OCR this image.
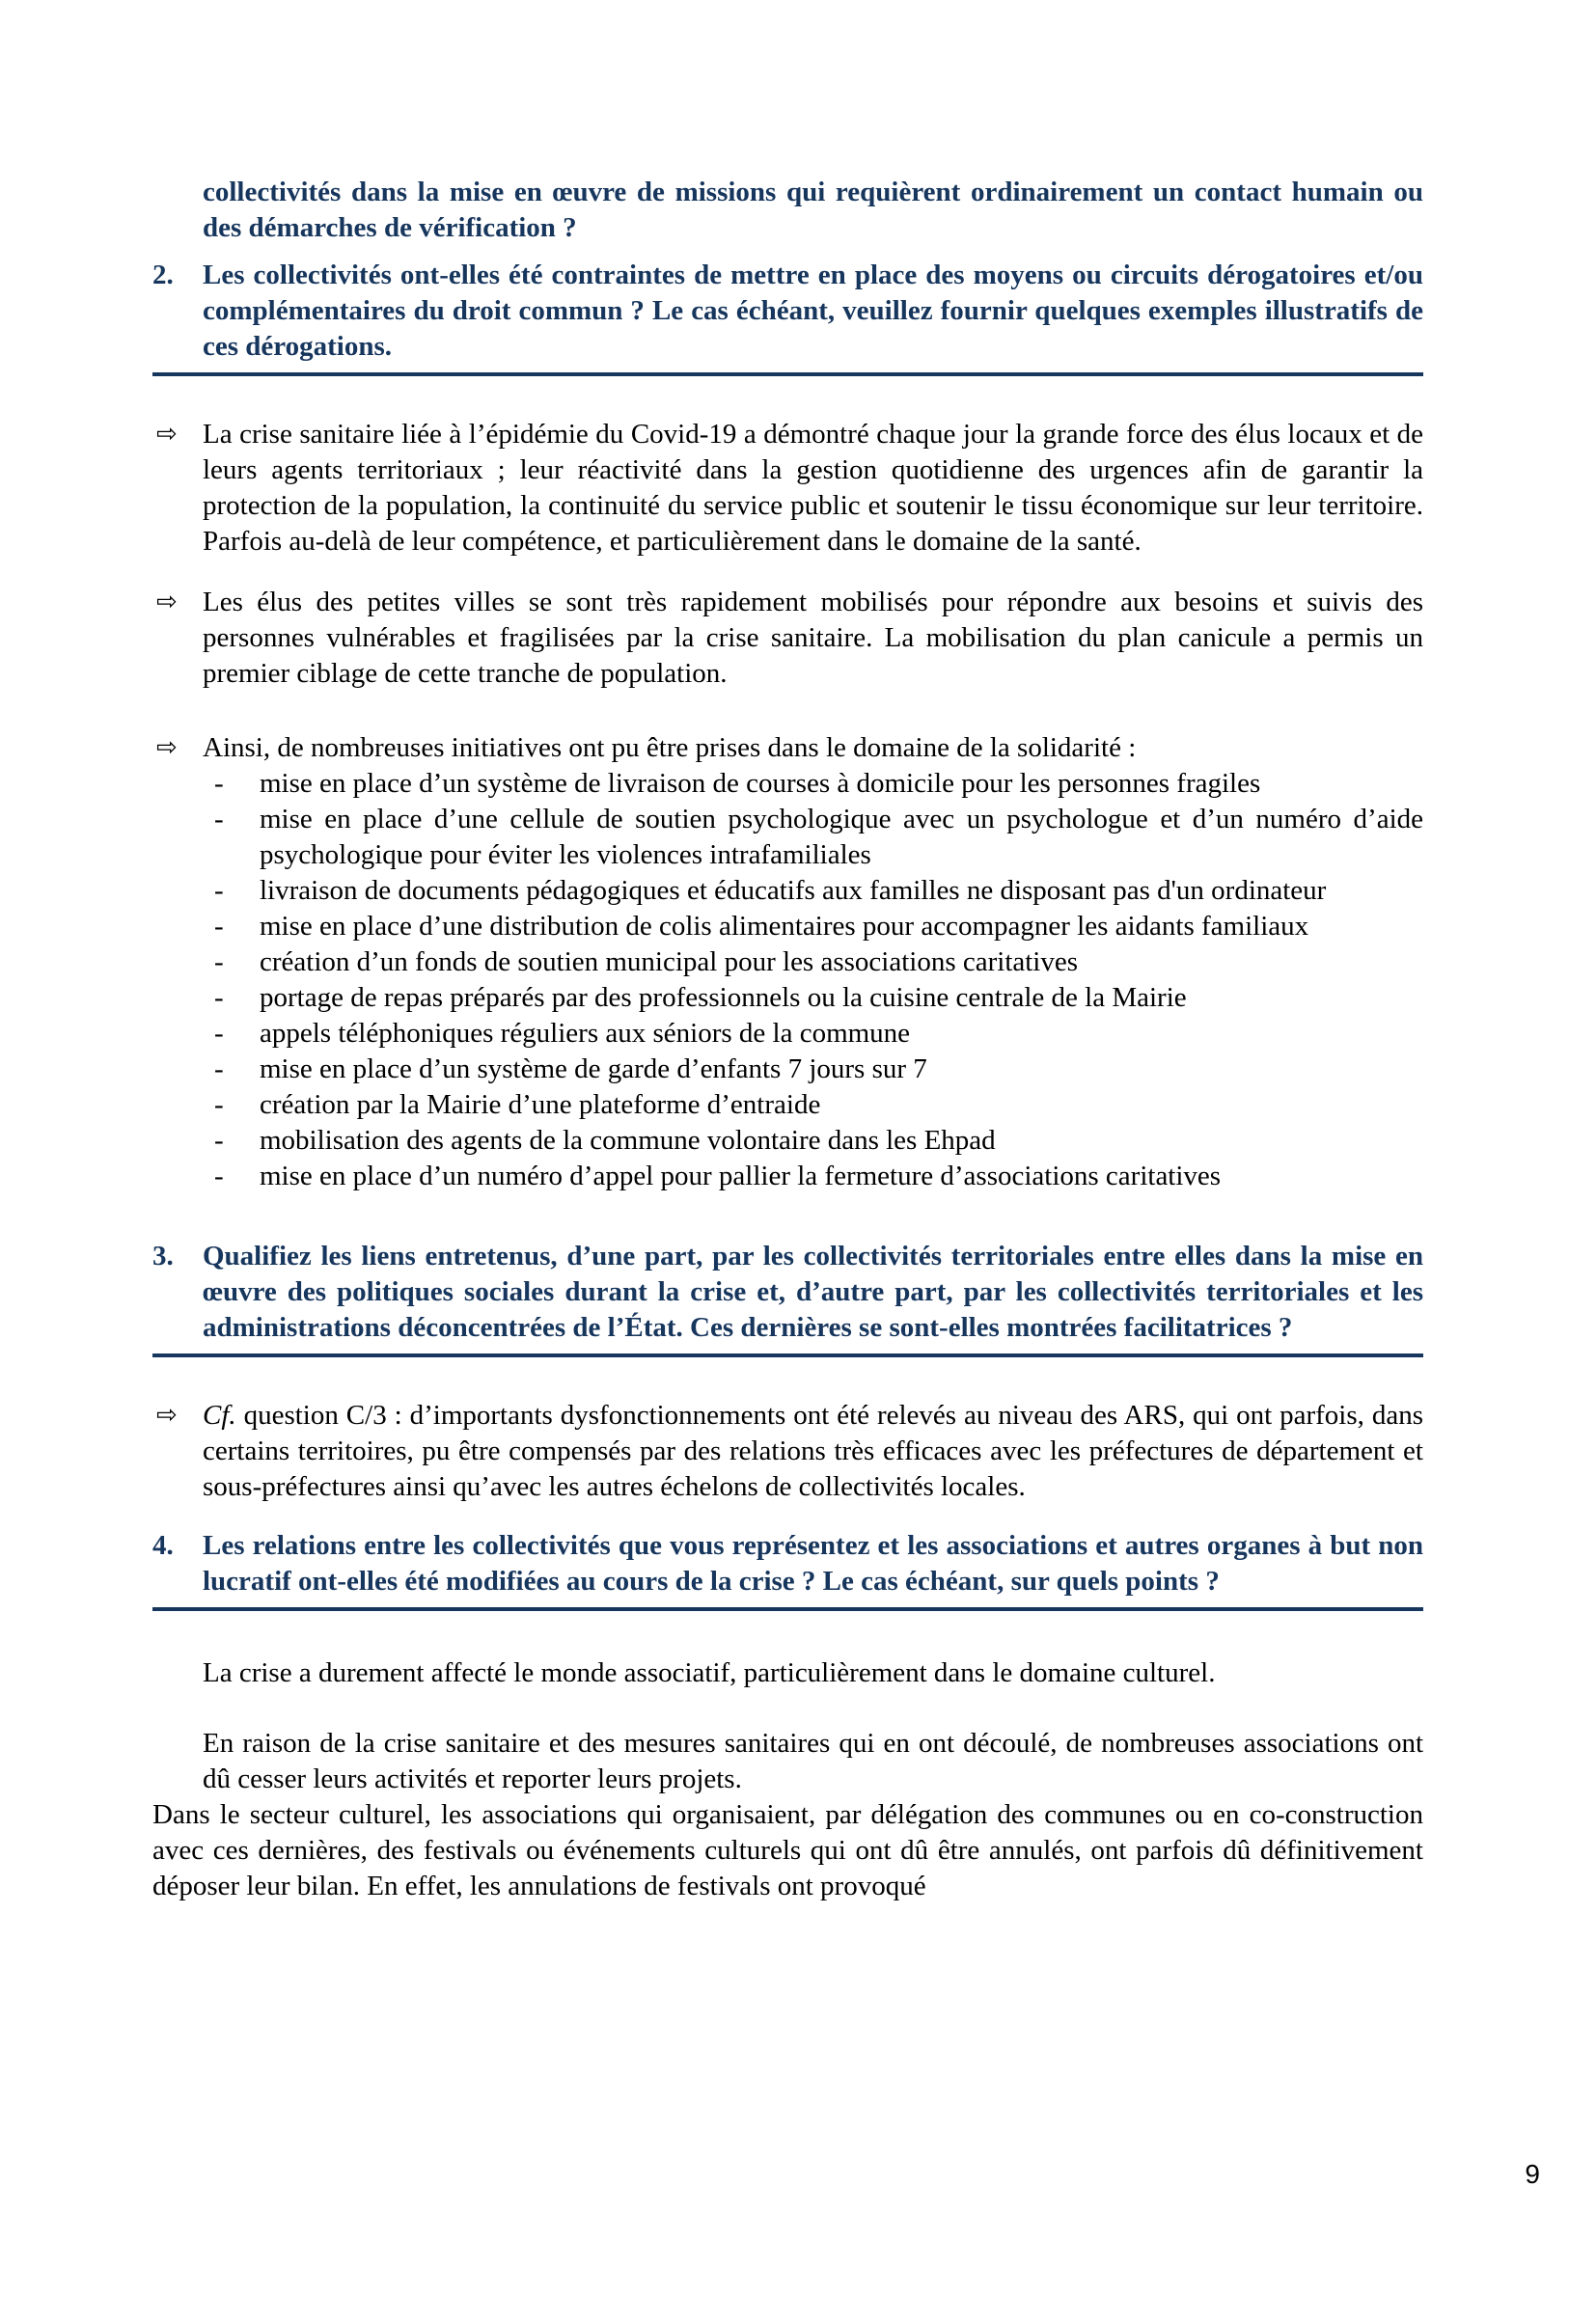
collectivités dans la mise en œuvre de missions qui requièrent ordinairement un contact humain ou des démarches de vérification ?

2.	Les collectivités ont-elles été contraintes de mettre en place des moyens ou circuits dérogatoires et/ou complémentaires du droit commun ? Le cas échéant, veuillez fournir quelques exemples illustratifs de ces dérogations.
⇨ La crise sanitaire liée à l’épidémie du Covid-19 a démontré chaque jour la grande force des élus locaux et de leurs agents territoriaux ; leur réactivité dans la gestion quotidienne des urgences afin de garantir la protection de la population, la continuité du service public et soutenir le tissu économique sur leur territoire. Parfois au-delà de leur compétence, et particulièrement dans le domaine de la santé.
⇨ Les élus des petites villes se sont très rapidement mobilisés pour répondre aux besoins et suivis des personnes vulnérables et fragilisées par la crise sanitaire. La mobilisation du plan canicule a permis un premier ciblage de cette tranche de population.
⇨ Ainsi, de nombreuses initiatives ont pu être prises dans le domaine de la solidarité :
-	mise en place d’un système de livraison de courses à domicile pour les personnes fragiles
-	mise en place d’une cellule de soutien psychologique avec un psychologue et d’un numéro d’aide psychologique pour éviter les violences intrafamiliales
-	livraison de documents pédagogiques et éducatifs aux familles ne disposant pas d'un ordinateur
-	mise en place d’une distribution de colis alimentaires pour accompagner les aidants familiaux
-	création d’un fonds de soutien municipal pour les associations caritatives
-	portage de repas préparés par des professionnels ou la cuisine centrale de la Mairie
-	appels téléphoniques réguliers aux séniors de la commune
-	mise en place d’un système de garde d’enfants 7 jours sur 7
-	création par la Mairie d’une plateforme d’entraide
-	mobilisation des agents de la commune volontaire dans les Ehpad
-	mise en place d’un numéro d’appel pour pallier la fermeture d’associations caritatives
3.	Qualifiez les liens entretenus, d’une part, par les collectivités territoriales entre elles dans la mise en œuvre des politiques sociales durant la crise et, d’autre part, par les collectivités territoriales et les administrations déconcentrées de l’État. Ces dernières se sont-elles montrées facilitatrices ?
⇨ Cf. question C/3 : d’importants dysfonctionnements ont été relevés au niveau des ARS, qui ont parfois, dans certains territoires, pu être compensés par des relations très efficaces avec les préfectures de département et sous-préfectures ainsi qu’avec les autres échelons de collectivités locales.
4.	Les relations entre les collectivités que vous représentez et les associations et autres organes à but non lucratif ont-elles été modifiées au cours de la crise ? Le cas échéant, sur quels points ?

La crise a durement affecté le monde associatif, particulièrement dans le domaine culturel.

En raison de la crise sanitaire et des mesures sanitaires qui en ont découlé, de nombreuses associations ont dû cesser leurs activités et reporter leurs projets.

Dans le secteur culturel, les associations qui organisaient, par délégation des communes ou en co-construction avec ces dernières, des festivals ou événements culturels qui ont dû être annulés, ont parfois dû définitivement déposer leur bilan. En effet, les annulations de festivals ont provoqué

9
